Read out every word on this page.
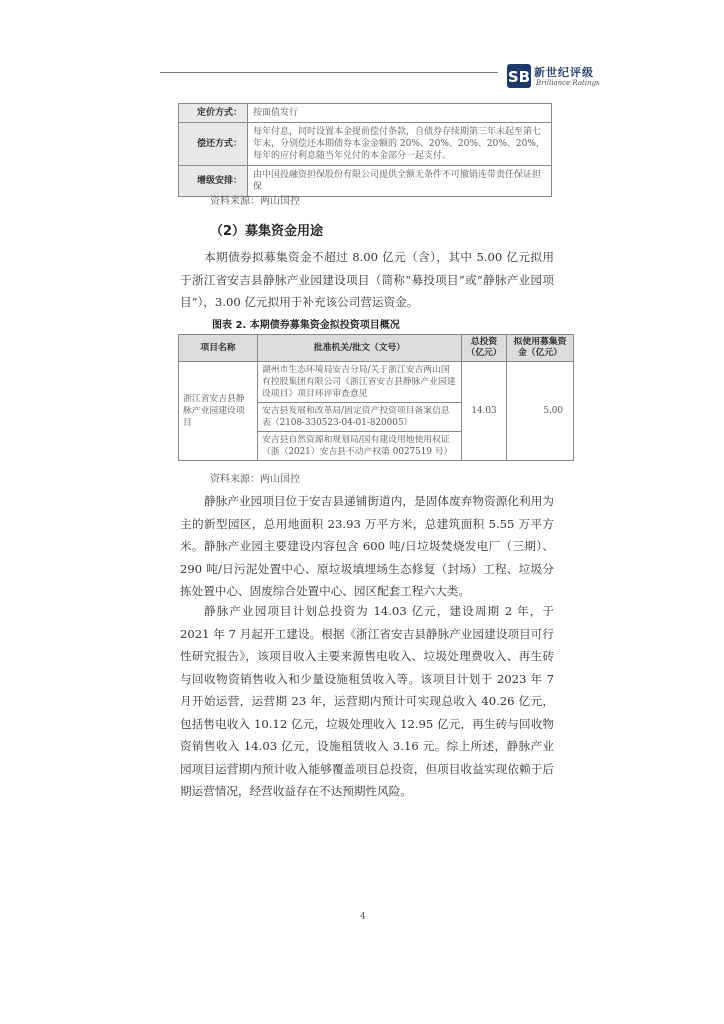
SB 新世纪评级
Brilliance Ratings
定价方式：	按面值发行
偿还方式：	每年付息，同时设置本金提前偿付条款，自债券存续期第三年末起至第七年末，分别偿还本期债券本金金额的 20%、20%、20%、20%、20%，每年的应付利息随当年兑付的本金部分一起支付。
增级安排：	由中国投融资担保股份有限公司提供全额无条件不可撤销连带责任保证担保
资料来源：两山国控
（2）募集资金用途

本期债券拟募集资金不超过 8.00 亿元（含），其中 5.00 亿元拟用于浙江省安吉县静脉产业园建设项目（简称“募投项目”或“静脉产业园项目”），3.00 亿元拟用于补充该公司营运资金。

图表 2. 本期债券募集资金拟投资项目概况
项目名称	批准机关/批文（文号）	总投资（亿元）	拟使用募集资金（亿元）
浙江省安吉县静脉产业园建设项目	湖州市生态环境局安吉分局/关于浙江安吉两山国有控股集团有限公司《浙江省安吉县静脉产业园建设项目》项目环评审查意见	14.03	5.00
	安吉县发展和改革局/固定资产投资项目备案信息表（2108-330523-04-01-820005）		
	安吉县自然资源和规划局/国有建设用地使用权证（浙（2021）安吉县不动产权第 0027519 号）		
资料来源：两山国控

静脉产业园项目位于安吉县递铺街道内，是固体废弃物资源化利用为主的新型园区，总用地面积 23.93 万平方米，总建筑面积 5.55 万平方米。静脉产业园主要建设内容包含 600 吨/日垃圾焚烧发电厂（三期）、290 吨/日污泥处置中心、原垃圾填埋场生态修复（封场）工程、垃圾分拣处置中心、固废综合处置中心、园区配套工程六大类。

静脉产业园项目计划总投资为 14.03 亿元，建设周期 2 年，于 2021 年 7 月起开工建设。根据《浙江省安吉县静脉产业园建设项目可行性研究报告》，该项目收入主要来源售电收入、垃圾处理费收入、再生砖与回收物资销售收入和少量设施租赁收入等。该项目计划于 2023 年 7 月开始运营，运营期 23 年，运营期内预计可实现总收入 40.26 亿元，包括售电收入 10.12 亿元，垃圾处理收入 12.95 亿元，再生砖与回收物资销售收入 14.03 亿元，设施租赁收入 3.16 元。综上所述，静脉产业园项目运营期内预计收入能够覆盖项目总投资，但项目收益实现依赖于后期运营情况，经营收益存在不达预期性风险。

4
